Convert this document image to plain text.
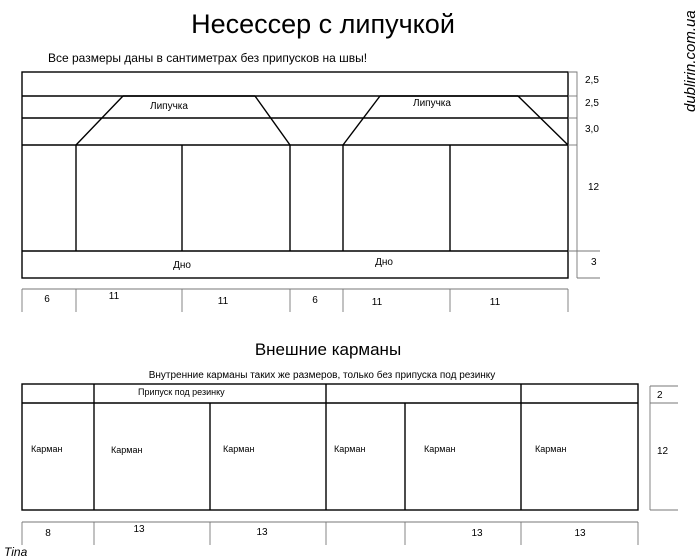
Несессер с липучкой
Все размеры даны в сантиметрах без припусков на швы!	dublirin.com.ua
Липучка	Липучка
Дно	Дно
2,5
2,5
3,0
12
3
6	11	11	6	11	11
Внешние карманы
Внутренние карманы таких же размеров, только без припуска под резинку
Припуск под резинку
Карман	Карман	Карман	Карман	Карман	Карман
2
12
8	13	13	13	13
Tina
